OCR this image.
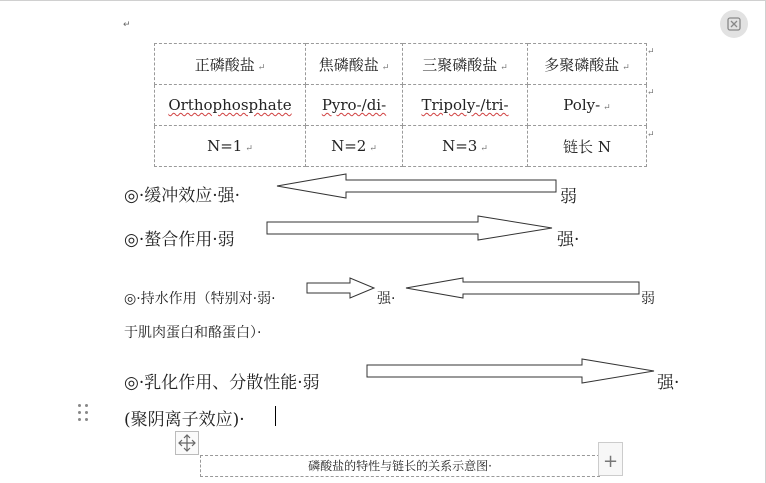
↵
正磷酸盐 ↵	焦磷酸盐 ↵	三聚磷酸盐 ↵	多聚磷酸盐 ↵
Orthophosphate	Pyro-/di-	Tripoly-/tri-	Poly- ↵
N=1 ↵	N=2 ↵	N=3 ↵	链长 N
↵
↵
↵
◎·缓冲效应·强·	弱
◎·螯合作用·弱	强·
◎·持水作用（特别对·弱·	强·	弱
于肌肉蛋白和酪蛋白）·
◎·乳化作用、分散性能·弱	强·
(聚阴离子效应)·
磷酸盐的特性与链长的关系示意图·	+
